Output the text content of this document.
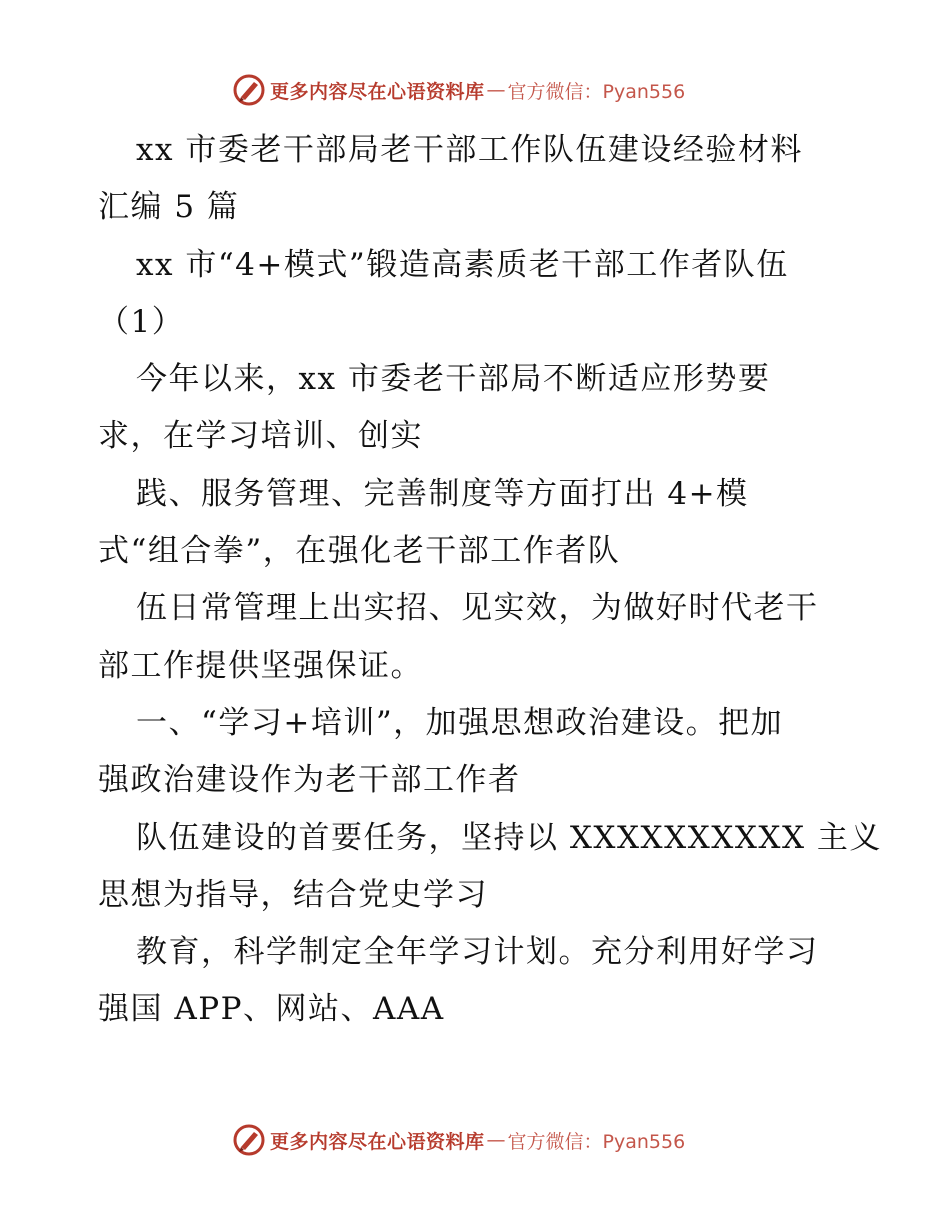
更多内容尽在心语资料库 — 官方微信：Pyan556
xx 市委老干部局老干部工作队伍建设经验材料
汇编 5 篇
xx 市“4+模式”锻造高素质老干部工作者队伍
（1）
今年以来，xx 市委老干部局不断适应形势要
求，在学习培训、创实
践、服务管理、完善制度等方面打出 4+模
式“组合拳”，在强化老干部工作者队
伍日常管理上出实招、见实效，为做好时代老干
部工作提供坚强保证。
一、“学习+培训”，加强思想政治建设。把加
强政治建设作为老干部工作者
队伍建设的首要任务，坚持以 XXXXXXXXXX 主义
思想为指导，结合党史学习
教育，科学制定全年学习计划。充分利用好学习
强国 APP、网站、AAA
更多内容尽在心语资料库 — 官方微信：Pyan556
